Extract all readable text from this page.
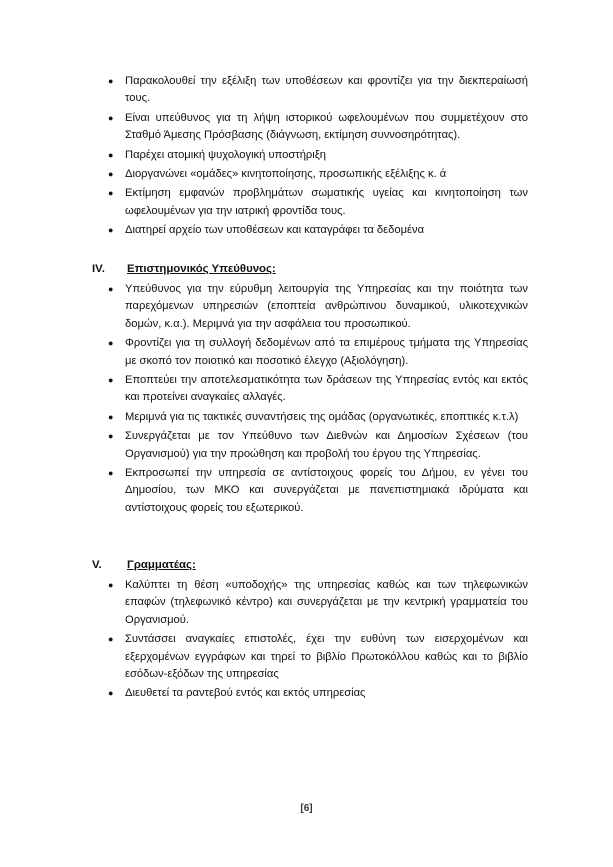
●	Παρακολουθεί την εξέλιξη των υποθέσεων και φροντίζει για την διεκπεραίωσή τους.
●	Είναι υπεύθυνος για τη λήψη ιστορικού ωφελουμένων που συμμετέχουν στο Σταθμό Άμεσης Πρόσβασης (διάγνωση, εκτίμηση συννοσηρότητας).
●	Παρέχει ατομική ψυχολογική υποστήριξη
●	Διοργανώνει «ομάδες» κινητοποίησης, προσωπικής εξέλιξης κ. ά
●	Εκτίμηση εμφανών προβλημάτων σωματικής υγείας και κινητοποίηση των ωφελουμένων για την ιατρική φροντίδα τους.
●	Διατηρεί αρχείο των υποθέσεων και καταγράφει τα δεδομένα
IV. Επιστημονικός Υπεύθυνος:
●	Υπεύθυνος για την εύρυθμη λειτουργία της Υπηρεσίας και την ποιότητα των παρεχόμενων υπηρεσιών (εποπτεία ανθρώπινου δυναμικού, υλικοτεχνικών δομών, κ.α.). Μεριμνά για την ασφάλεια του προσωπικού.
●	Φροντίζει για τη συλλογή δεδομένων από τα επιμέρους τμήματα της Υπηρεσίας με σκοπό τον ποιοτικό και ποσοτικό έλεγχο (Αξιολόγηση).
●	Εποπτεύει την αποτελεσματικότητα των δράσεων της Υπηρεσίας εντός και εκτός και προτείνει αναγκαίες αλλαγές.
●	Μεριμνά για τις τακτικές συναντήσεις της ομάδας (οργανωτικές, εποπτικές κ.τ.λ)
●	Συνεργάζεται με τον Υπεύθυνο των Διεθνών και Δημοσίων Σχέσεων (του Οργανισμού) για την προώθηση και προβολή του έργου της Υπηρεσίας.
●	Εκπροσωπεί την υπηρεσία σε αντίστοιχους φορείς του Δήμου, εν γένει του Δημοσίου, των ΜΚΟ και συνεργάζεται με πανεπιστημιακά ιδρύματα και αντίστοιχους φορείς του εξωτερικού.
V. Γραμματέας:
●	Καλύπτει τη θέση «υποδοχής» της υπηρεσίας καθώς και των τηλεφωνικών επαφών (τηλεφωνικό κέντρο) και συνεργάζεται με την κεντρική γραμματεία του Οργανισμού.
●	Συντάσσει αναγκαίες επιστολές, έχει την ευθύνη των εισερχομένων και εξερχομένων εγγράφων και τηρεί το βιβλίο Πρωτοκόλλου καθώς και το βιβλίο εσόδων-εξόδων της υπηρεσίας
●	Διευθετεί τα ραντεβού εντός και εκτός υπηρεσίας
[6]
